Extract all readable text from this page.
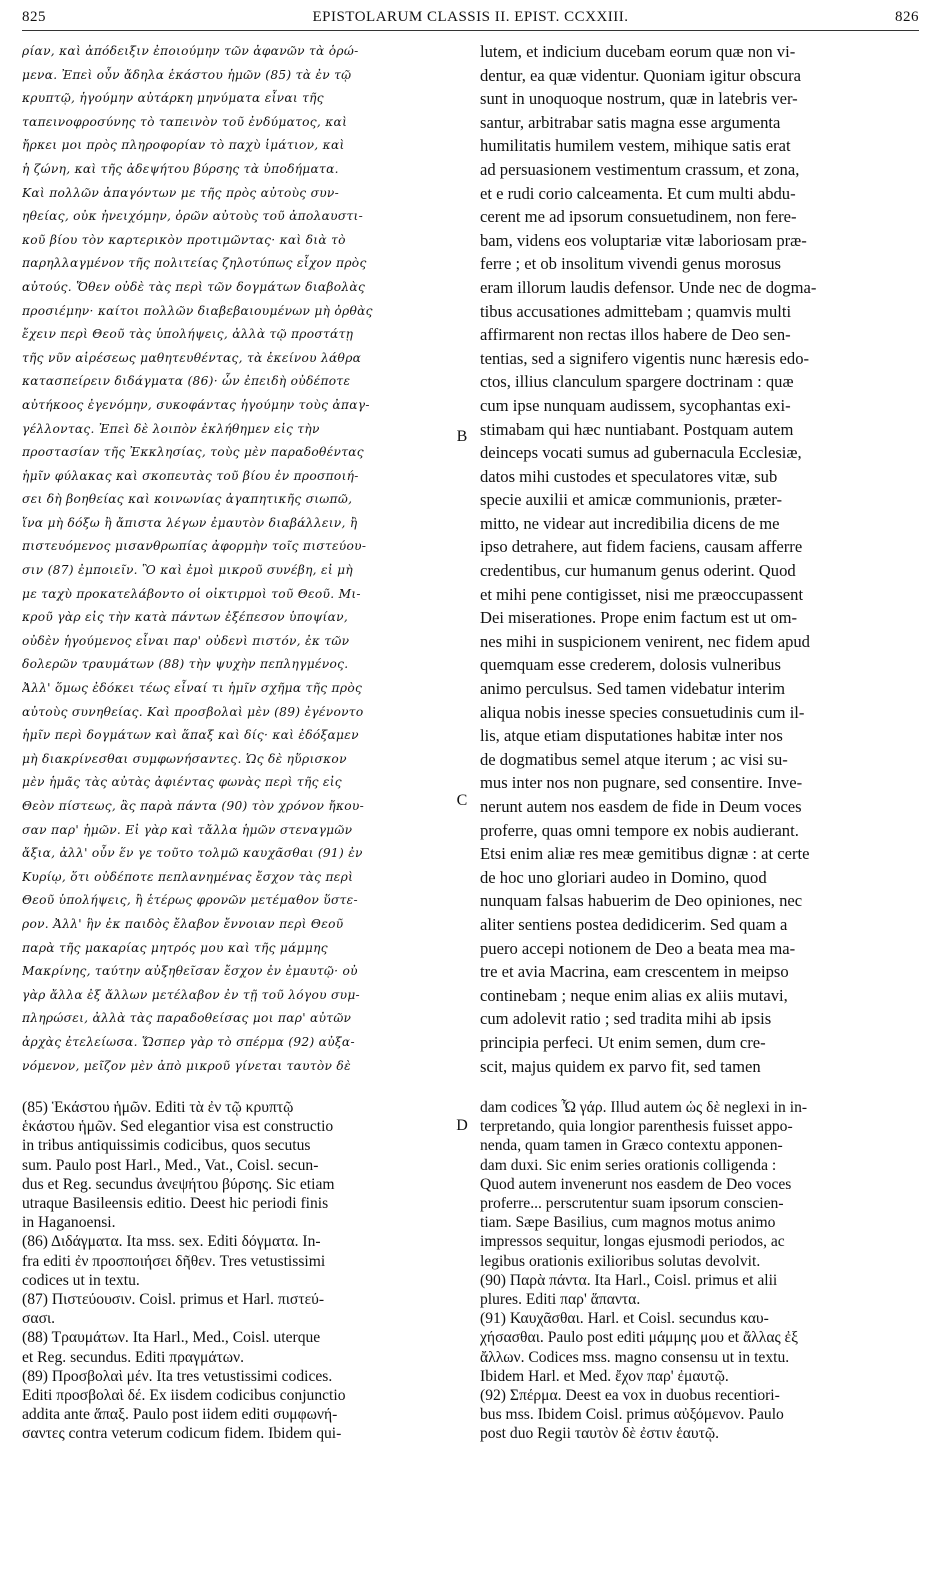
825	EPISTOLARUM CLASSIS II. EPIST. CCXXIII.	826
ρίαν, καὶ ἀπόδειξιν ἐποιούμην τῶν ἀφανῶν τὰ ὁρώ-
μενα. Ἐπεὶ οὖν ἄδηλα ἑκάστου ἡμῶν (85) τὰ ἐν τῷ
κρυπτῷ, ἡγούμην αὐτάρκη μηνύματα εἶναι τῆς
ταπεινοφροσύνης τὸ ταπεινὸν τοῦ ἐνδύματος, καὶ
ἤρκει μοι πρὸς πληροφορίαν τὸ παχὺ ἱμάτιον, καὶ
ἡ ζώνη, καὶ τῆς ἀδεψήτου βύρσης τὰ ὑποδήματα.
Καὶ πολλῶν ἀπαγόντων με τῆς πρὸς αὐτοὺς συν-
ηθείας, οὐκ ἠνειχόμην, ὁρῶν αὐτοὺς τοῦ ἀπολαυστι-
κοῦ βίου τὸν καρτερικὸν προτιμῶντας· καὶ διὰ τὸ
παρηλλαγμένον τῆς πολιτείας ζηλοτύπως εἶχον πρὸς
αὐτούς. Ὅθεν οὐδὲ τὰς περὶ τῶν δογμάτων διαβολὰς
προσιέμην· καίτοι πολλῶν διαβεβαιουμένων μὴ ὀρθὰς
ἔχειν περὶ Θεοῦ τὰς ὑπολήψεις, ἀλλὰ τῷ προστάτῃ
τῆς νῦν αἱρέσεως μαθητευθέντας, τὰ ἐκείνου λάθρα
κατασπείρειν διδάγματα (86)· ὧν ἐπειδὴ οὐδέποτε
αὐτήκοος ἐγενόμην, συκοφάντας ἡγούμην τοὺς ἀπαγ-
γέλλοντας. Ἐπεὶ δὲ λοιπὸν ἐκλήθημεν εἰς τὴν
προστασίαν τῆς Ἐκκλησίας, τοὺς μὲν παραδοθέντας
ἡμῖν φύλακας καὶ σκοπευτὰς τοῦ βίου ἐν προσποιή-
σει δὴ βοηθείας καὶ κοινωνίας ἀγαπητικῆς σιωπῶ,
ἵνα μὴ δόξω ἢ ἄπιστα λέγων ἐμαυτὸν διαβάλλειν, ἢ
πιστευόμενος μισανθρωπίας ἀφορμὴν τοῖς πιστεύου-
σιν (87) ἐμποιεῖν. Ὃ καὶ ἐμοὶ μικροῦ συνέβη, εἰ μὴ
με ταχὺ προκατελάβοντο οἱ οἰκτιρμοὶ τοῦ Θεοῦ. Μι-
κροῦ γὰρ εἰς τὴν κατὰ πάντων ἐξέπεσον ὑποψίαν,
οὐδὲν ἡγούμενος εἶναι παρ' οὐδενὶ πιστόν, ἐκ τῶν
δολερῶν τραυμάτων (88) τὴν ψυχὴν πεπληγμένος.
Ἀλλ' ὅμως ἐδόκει τέως εἶναί τι ἡμῖν σχῆμα τῆς πρὸς
αὐτοὺς συνηθείας. Καὶ προσβολαὶ μὲν (89) ἐγένοντο
ἡμῖν περὶ δογμάτων καὶ ἅπαξ καὶ δίς· καὶ ἐδόξαμεν
μὴ διακρίνεσθαι συμφωνήσαντες. Ὡς δὲ ηὕρισκον
μὲν ἡμᾶς τὰς αὐτὰς ἀφιέντας φωνὰς περὶ τῆς εἰς
Θεὸν πίστεως, ἃς παρὰ πάντα (90) τὸν χρόνον ἤκου-
σαν παρ' ἡμῶν. Εἰ γὰρ καὶ τἄλλα ἡμῶν στεναγμῶν
ἄξια, ἀλλ' οὖν ἕν γε τοῦτο τολμῶ καυχᾶσθαι (91) ἐν
Κυρίῳ, ὅτι οὐδέποτε πεπλανημένας ἔσχον τὰς περὶ
Θεοῦ ὑπολήψεις, ἢ ἑτέρως φρονῶν μετέμαθον ὕστε-
ρον. Ἀλλ' ἣν ἐκ παιδὸς ἔλαβον ἔννοιαν περὶ Θεοῦ
παρὰ τῆς μακαρίας μητρός μου καὶ τῆς μάμμης
Μακρίνης, ταύτην αὐξηθεῖσαν ἔσχον ἐν ἐμαυτῷ· οὐ
γὰρ ἄλλα ἐξ ἄλλων μετέλαβον ἐν τῇ τοῦ λόγου συμ-
πληρώσει, ἀλλὰ τὰς παραδοθείσας μοι παρ' αὐτῶν
ἀρχὰς ἐτελείωσα. Ὥσπερ γὰρ τὸ σπέρμα (92) αὐξα-
νόμενον, μεῖζον μὲν ἀπὸ μικροῦ γίνεται ταυτὸν δὲ
lutem, et indicium ducebam eorum quæ non vi-
dentur, ea quæ videntur. Quoniam igitur obscura
sunt in unoquoque nostrum, quæ in latebris ver-
santur, arbitrabar satis magna esse argumenta
humilitatis humilem vestem, mihique satis erat
ad persuasionem vestimentum crassum, et zona,
et e rudi corio calceamenta. Et cum multi abdu-
cerent me ad ipsorum consuetudinem, non fere-
bam, videns eos voluptariæ vitæ laboriosam præ-
ferre ; et ob insolitum vivendi genus morosus
eram illorum laudis defensor. Unde nec de dogma-
tibus accusationes admittebam ; quamvis multi
affirmarent non rectas illos habere de Deo sen-
tentias, sed a signifero vigentis nunc hæresis edo-
ctos, illius clanculum spargere doctrinam : quæ
cum ipse nunquam audissem, sycophantas exi-
stimabam qui hæc nuntiabant. Postquam autem
deinceps vocati sumus ad gubernacula Ecclesiæ,
datos mihi custodes et speculatores vitæ, sub
specie auxilii et amicæ communionis, præter-
mitto, ne videar aut incredibilia dicens de me
ipso detrahere, aut fidem faciens, causam afferre
credentibus, cur humanum genus oderint. Quod
et mihi pene contigisset, nisi me præoccupassent
Dei miserationes. Prope enim factum est ut om-
nes mihi in suspicionem venirent, nec fidem apud
quemquam esse crederem, dolosis vulneribus
animo perculsus. Sed tamen videbatur interim
aliqua nobis inesse species consuetudinis cum il-
lis, atque etiam disputationes habitæ inter nos
de dogmatibus semel atque iterum ; ac visi su-
mus inter nos non pugnare, sed consentire. Inve-
nerunt autem nos easdem de fide in Deum voces
proferre, quas omni tempore ex nobis audierant.
Etsi enim aliæ res meæ gemitibus dignæ : at certe
de hoc uno gloriari audeo in Domino, quod
nunquam falsas habuerim de Deo opiniones, nec
aliter sentiens postea dedidicerim. Sed quam a
puero accepi notionem de Deo a beata mea ma-
tre et avia Macrina, eam crescentem in meipso
continebam ; neque enim alias ex aliis mutavi,
cum adolevit ratio ; sed tradita mihi ab ipsis
principia perfeci. Ut enim semen, dum cre-
scit, majus quidem ex parvo fit, sed tamen
B
C
D
(85) Ἑκάστου ἡμῶν. Editi τὰ ἐν τῷ κρυπτῷ
ἑκάστου ἡμῶν. Sed elegantior visa est constructio
in tribus antiquissimis codicibus, quos secutus
sum. Paulo post Harl., Med., Vat., Coisl. secun-
dus et Reg. secundus ἀνεψήτου βύρσης. Sic etiam
utraque Basileensis editio. Deest hic periodi finis
in Haganoensi.
(86) Διδάγματα. Ita mss. sex. Editi δόγματα. In-
fra editi ἐν προσποιήσει δῆθεν. Tres vetustissimi
codices ut in textu.
(87) Πιστεύουσιν. Coisl. primus et Harl. πιστεύ-
σασι.
(88) Τραυμάτων. Ita Harl., Med., Coisl. uterque
et Reg. secundus. Editi πραγμάτων.
(89) Προσβολαὶ μέν. Ita tres vetustissimi codices.
Editi προσβολαὶ δέ. Ex iisdem codicibus conjunctio
addita ante ἅπαξ. Paulo post iidem editi συμφωνή-
σαντες contra veterum codicum fidem. Ibidem qui-
dam codices Ὦ γάρ. Illud autem ὡς δὲ neglexi in in-
terpretando, quia longior parenthesis fuisset appo-
nenda, quam tamen in Græco contextu apponen-
dam duxi. Sic enim series orationis colligenda :
Quod autem invenerunt nos easdem de Deo voces
proferre... perscrutentur suam ipsorum conscien-
tiam. Sæpe Basilius, cum magnos motus animo
impressos sequitur, longas ejusmodi periodos, ac
legibus orationis exilioribus solutas devolvit.
(90) Παρὰ πάντα. Ita Harl., Coisl. primus et alii
plures. Editi παρ' ἅπαντα.
(91) Καυχᾶσθαι. Harl. et Coisl. secundus καυ-
χήσασθαι. Paulo post editi μάμμης μου et ἄλλας ἐξ
ἄλλων. Codices mss. magno consensu ut in textu.
Ibidem Harl. et Med. ἔχον παρ' ἐμαυτῷ.
(92) Σπέρμα. Deest ea vox in duobus recentiori-
bus mss. Ibidem Coisl. primus αὐξόμενον. Paulo
post duo Regii ταυτὸν δὲ ἐστιν ἑαυτῷ.
